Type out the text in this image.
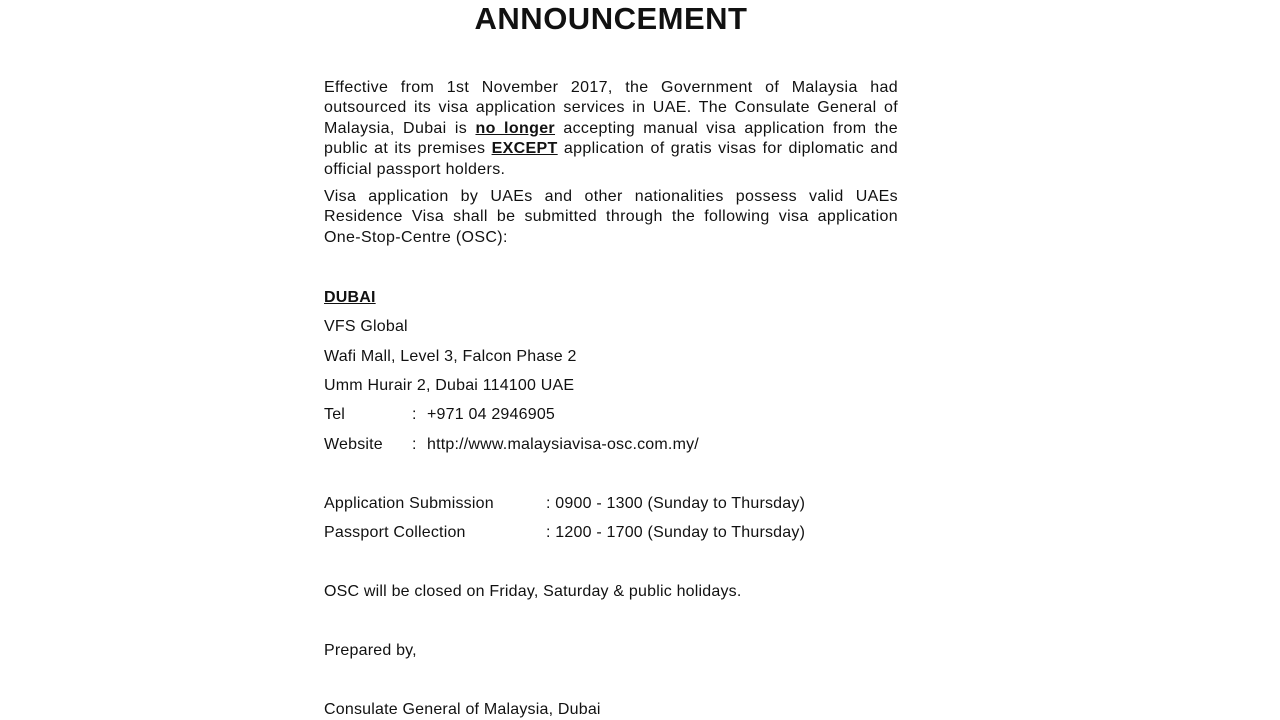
ANNOUNCEMENT

Effective from 1st November 2017, the Government of Malaysia had outsourced its visa application services in UAE. The Consulate General of Malaysia, Dubai is no longer accepting manual visa application from the public at its premises EXCEPT application of gratis visas for diplomatic and official passport holders.

Visa application by UAEs and other nationalities possess valid UAEs Residence Visa shall be submitted through the following visa application One-Stop-Centre (OSC):

DUBAI
VFS Global
Wafi Mall, Level 3, Falcon Phase 2
Umm Hurair 2, Dubai 114100 UAE
Tel	: +971 04 2946905
Website : http://www.malaysiavisa-osc.com.my/
Application Submission	: 0900 - 1300 (Sunday to Thursday)
Passport Collection	: 1200 - 1700 (Sunday to Thursday)
OSC will be closed on Friday, Saturday & public holidays.
Prepared by,
Consulate General of Malaysia, Dubai
